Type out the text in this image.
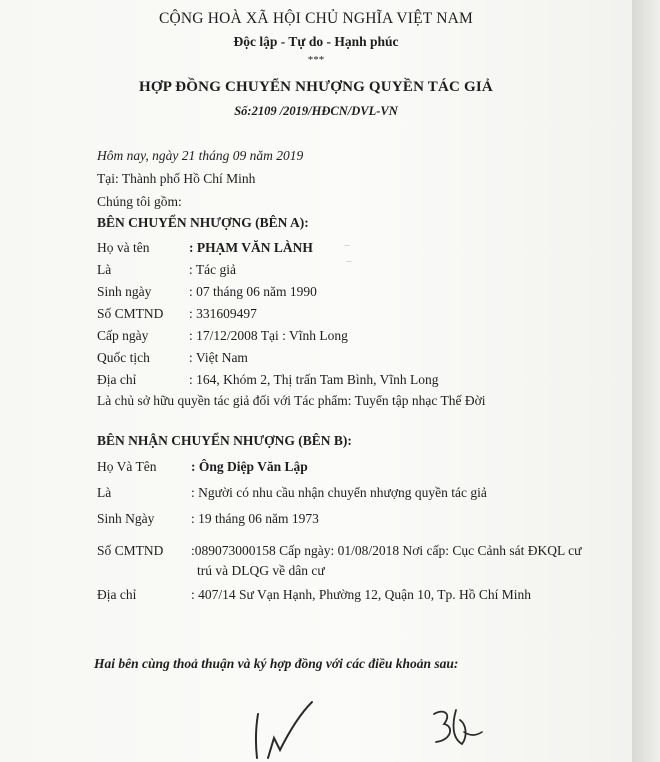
CỘNG HOÀ XÃ HỘI CHỦ NGHĨA VIỆT NAM
Độc lập - Tự do - Hạnh phúc
***
HỢP ĐỒNG CHUYỂN NHƯỢNG QUYỀN TÁC GIẢ
Số:2109 /2019/HĐCN/DVL-VN
Hôm nay, ngày 21 tháng 09 năm 2019
Tại: Thành phố Hồ Chí Minh
Chúng tôi gồm:
BÊN CHUYỂN NHƯỢNG (BÊN A):
Họ và tên	: PHẠM VĂN LÀNH
Là	: Tác giả
Sinh ngày	: 07 tháng 06 năm 1990
Số CMTND : 331609497
Cấp ngày	: 17/12/2008 Tại : Vĩnh Long
Quốc tịch	: Việt Nam
Địa chỉ	: 164, Khóm 2, Thị trấn Tam Bình, Vĩnh Long
Là chủ sở hữu quyền tác giả đối với Tác phẩm: Tuyển tập nhạc Thế Đời
BÊN NHẬN CHUYỂN NHƯỢNG (BÊN B):
Họ Và Tên	: Ông Diệp Văn Lập
Là	: Người có nhu cầu nhận chuyển nhượng quyền tác giả
Sinh Ngày	: 19 tháng 06 năm 1973
Số CMTND :089073000158 Cấp ngày: 01/08/2018 Nơi cấp: Cục Cảnh sát ĐKQL cư
trú và DLQG về dân cư
Địa chỉ	: 407/14 Sư Vạn Hạnh, Phường 12, Quận 10, Tp. Hồ Chí Minh
Hai bên cùng thoả thuận và ký hợp đồng với các điều khoản sau:
–
–
